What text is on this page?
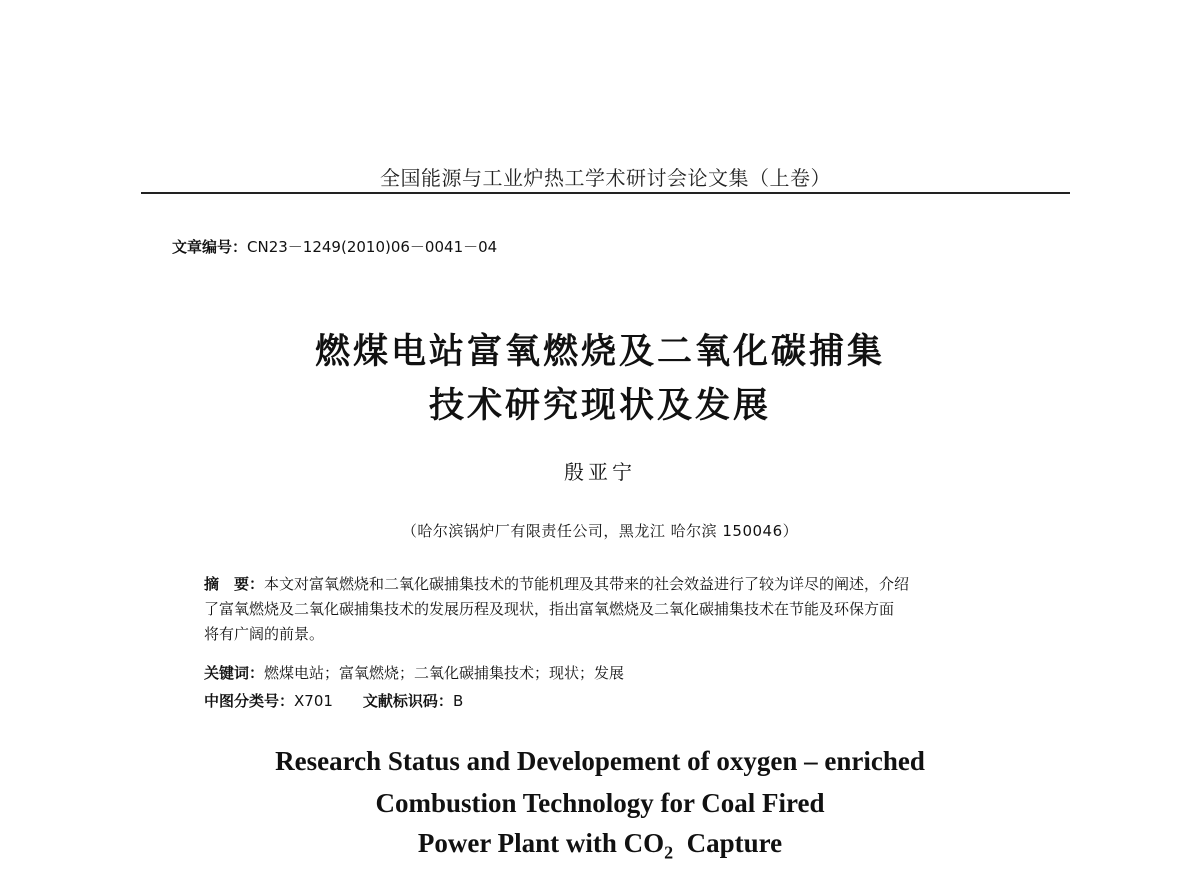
全国能源与工业炉热工学术研讨会论文集（上卷）
文章编号：CN23－1249(2010)06－0041－04
燃煤电站富氧燃烧及二氧化碳捕集
技术研究现状及发展
殷亚宁
（哈尔滨锅炉厂有限责任公司，黑龙江 哈尔滨 150046）
摘　要：本文对富氧燃烧和二氧化碳捕集技术的节能机理及其带来的社会效益进行了较为详尽的阐述，介绍
了富氧燃烧及二氧化碳捕集技术的发展历程及现状，指出富氧燃烧及二氧化碳捕集技术在节能及环保方面
将有广阔的前景。
关键词：燃煤电站；富氧燃烧；二氧化碳捕集技术；现状；发展
中图分类号：X701 文献标识码：B
Research Status and Developement of oxygen – enriched
Combustion Technology for Coal Fired
Power Plant with $CO_2$ Capture
